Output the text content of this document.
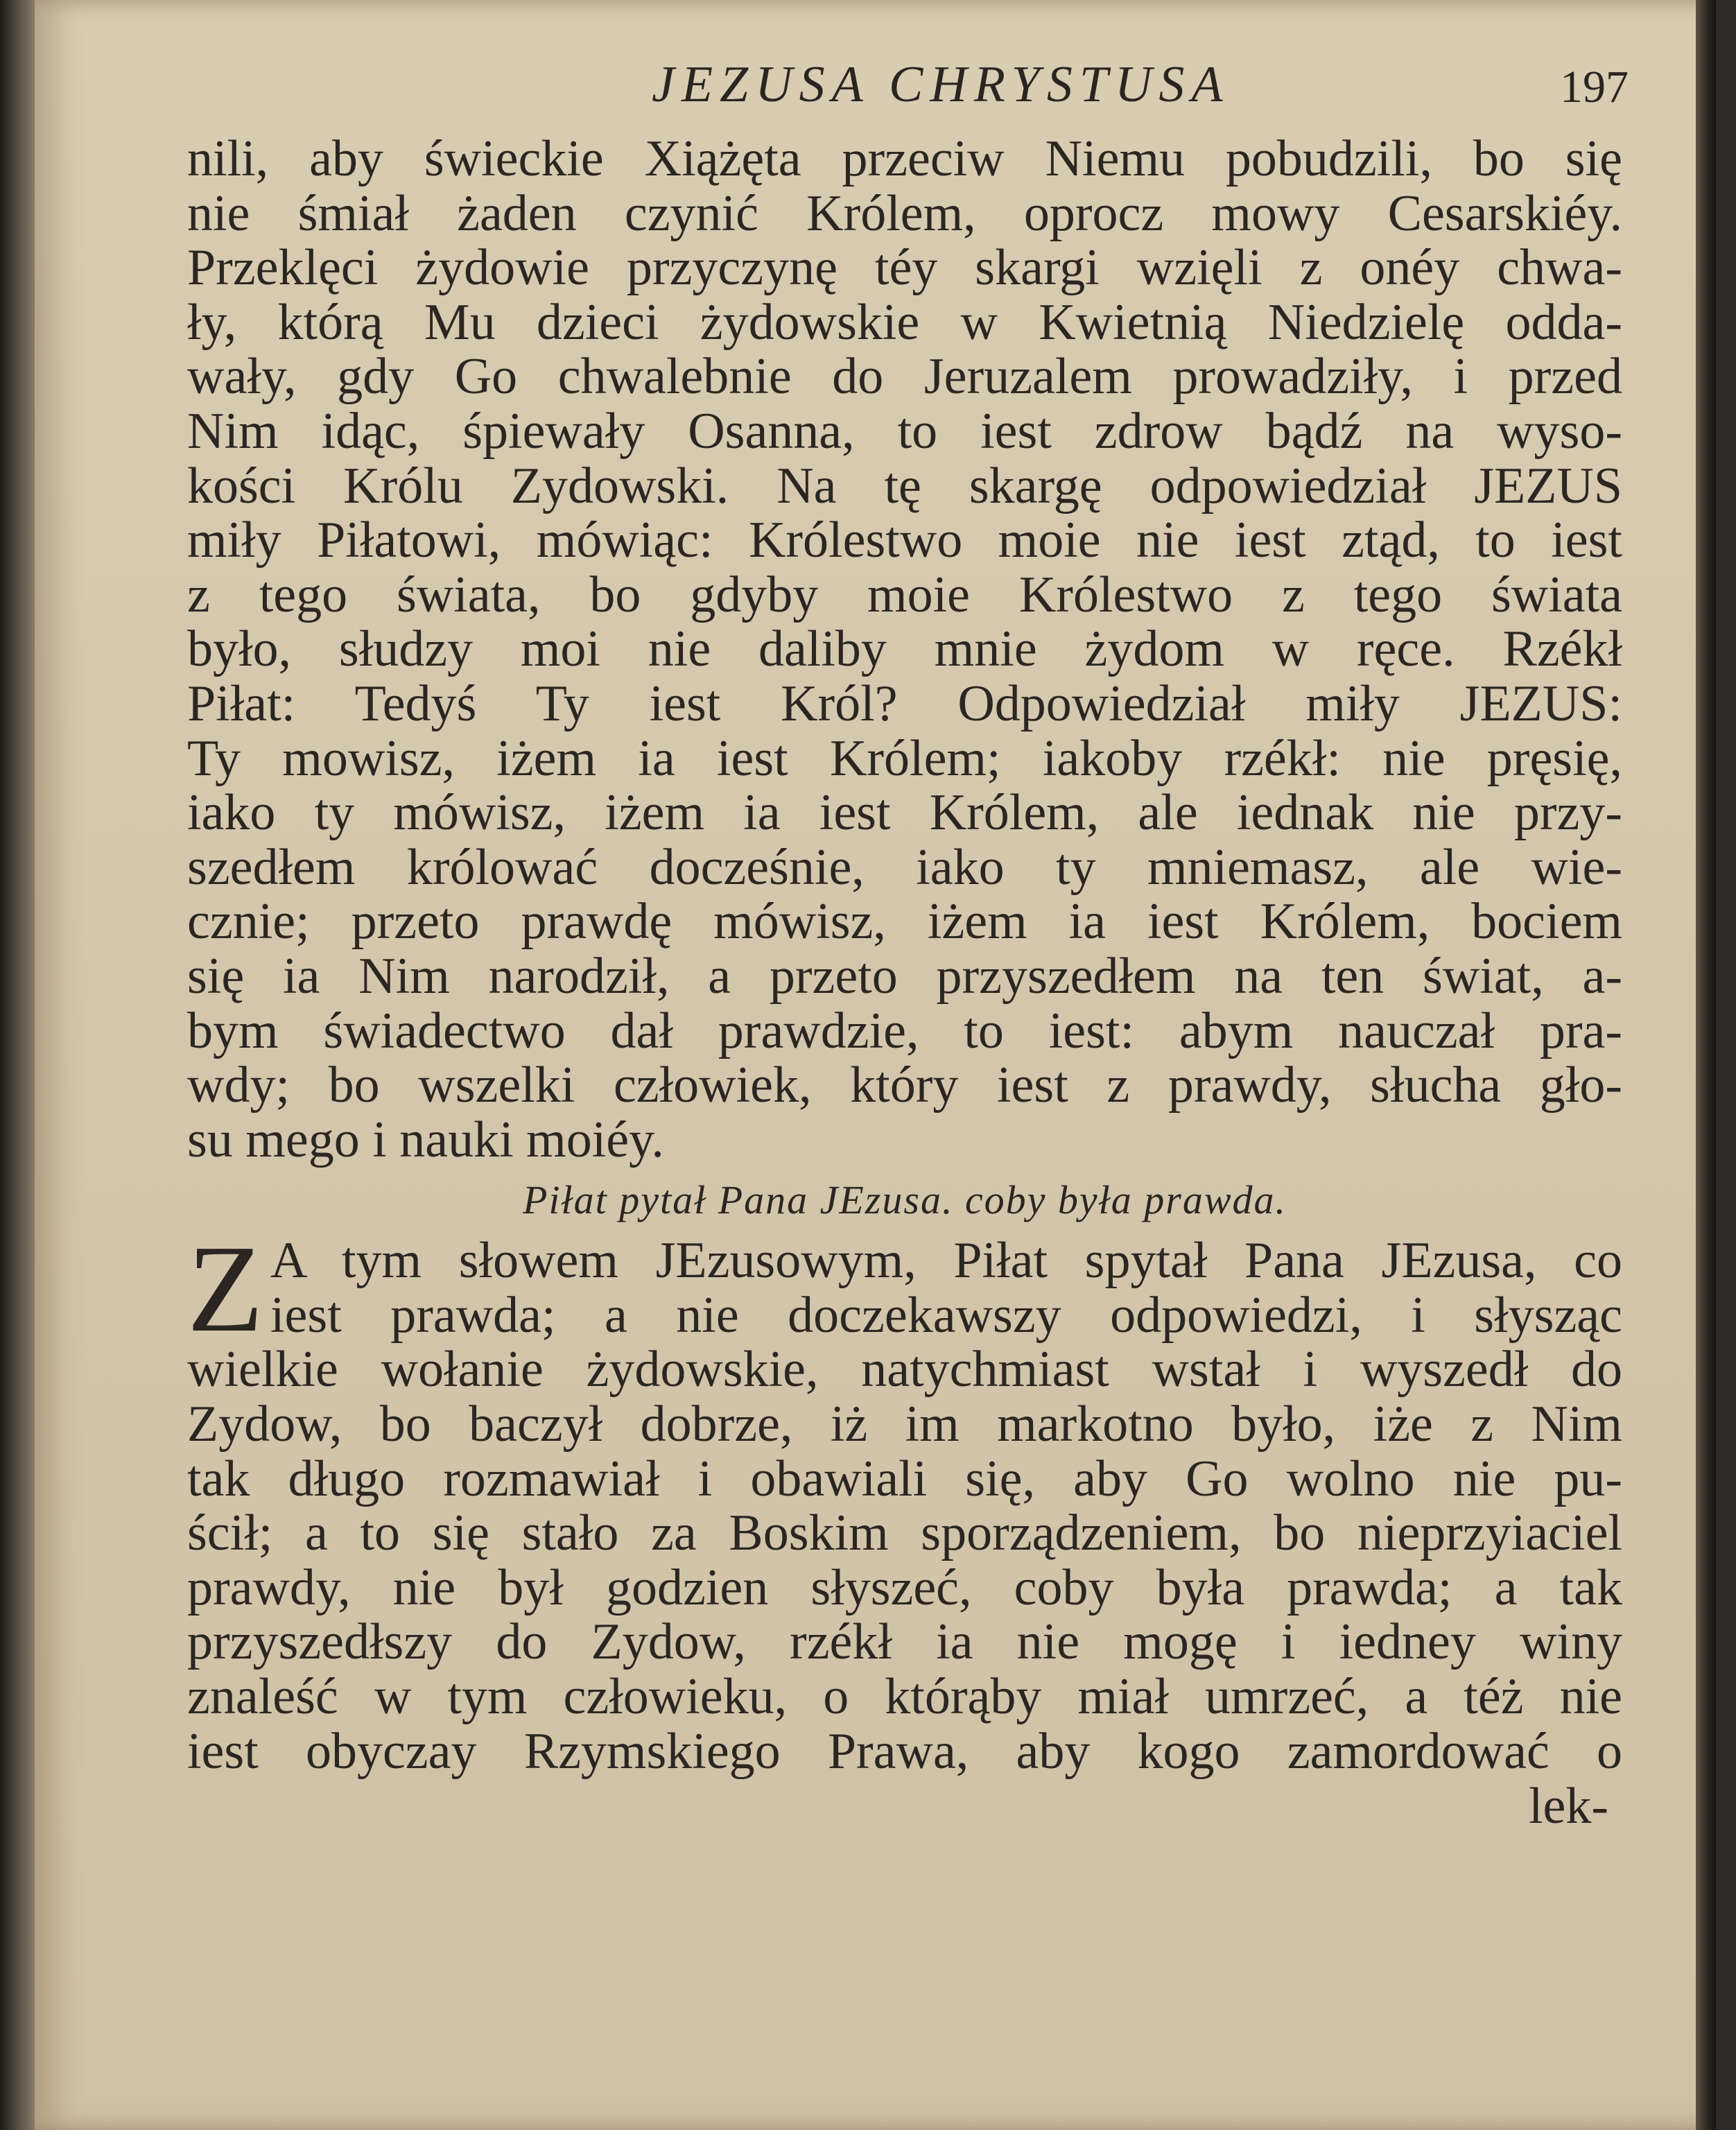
JEZUSA CHRYSTUSA	197
nili, aby świeckie Xiążęta przeciw Niemu pobudzili, bo się
nie śmiał żaden czynić Królem, oprocz mowy Cesarskiéy.
Przeklęci żydowie przyczynę téy skargi wzięli z onéy chwa-
ły, którą Mu dzieci żydowskie w Kwietnią Niedzielę odda-
wały, gdy Go chwalebnie do Jeruzalem prowadziły, i przed
Nim idąc, śpiewały Osanna, to iest zdrow bądź na wyso-
kości Królu Zydowski. Na tę skargę odpowiedział JEZUS
miły Piłatowi, mówiąc: Królestwo moie nie iest ztąd, to iest
z tego świata, bo gdyby moie Królestwo z tego świata
było, słudzy moi nie daliby mnie żydom w ręce. Rzékł
Piłat: Tedyś Ty iest Król? Odpowiedział miły JEZUS:
Ty mowisz, iżem ia iest Królem; iakoby rzékł: nie pręsię,
iako ty mówisz, iżem ia iest Królem, ale iednak nie przy-
szedłem królować docześnie, iako ty mniemasz, ale wie-
cznie; przeto prawdę mówisz, iżem ia iest Królem, bociem
się ia Nim narodził, a przeto przyszedłem na ten świat, a-
bym świadectwo dał prawdzie, to iest: abym nauczał pra-
wdy; bo wszelki człowiek, który iest z prawdy, słucha gło-
su mego i nauki moiéy.
Piłat pytał Pana JEzusa. coby była prawda.
Z A tym słowem JEzusowym, Piłat spytał Pana JEzusa, co
iest prawda; a nie doczekawszy odpowiedzi, i słysząc
wielkie wołanie żydowskie, natychmiast wstał i wyszedł do
Zydow, bo baczył dobrze, iż im markotno było, iże z Nim
tak długo rozmawiał i obawiali się, aby Go wolno nie pu-
ścił; a to się stało za Boskim sporządzeniem, bo nieprzyiaciel
prawdy, nie był godzien słyszeć, coby była prawda; a tak
przyszedłszy do Zydow, rzékł ia nie mogę i iedney winy
znaleść w tym człowieku, o którąby miał umrzeć, a téż nie
iest obyczay Rzymskiego Prawa, aby kogo zamordować o
lek-
